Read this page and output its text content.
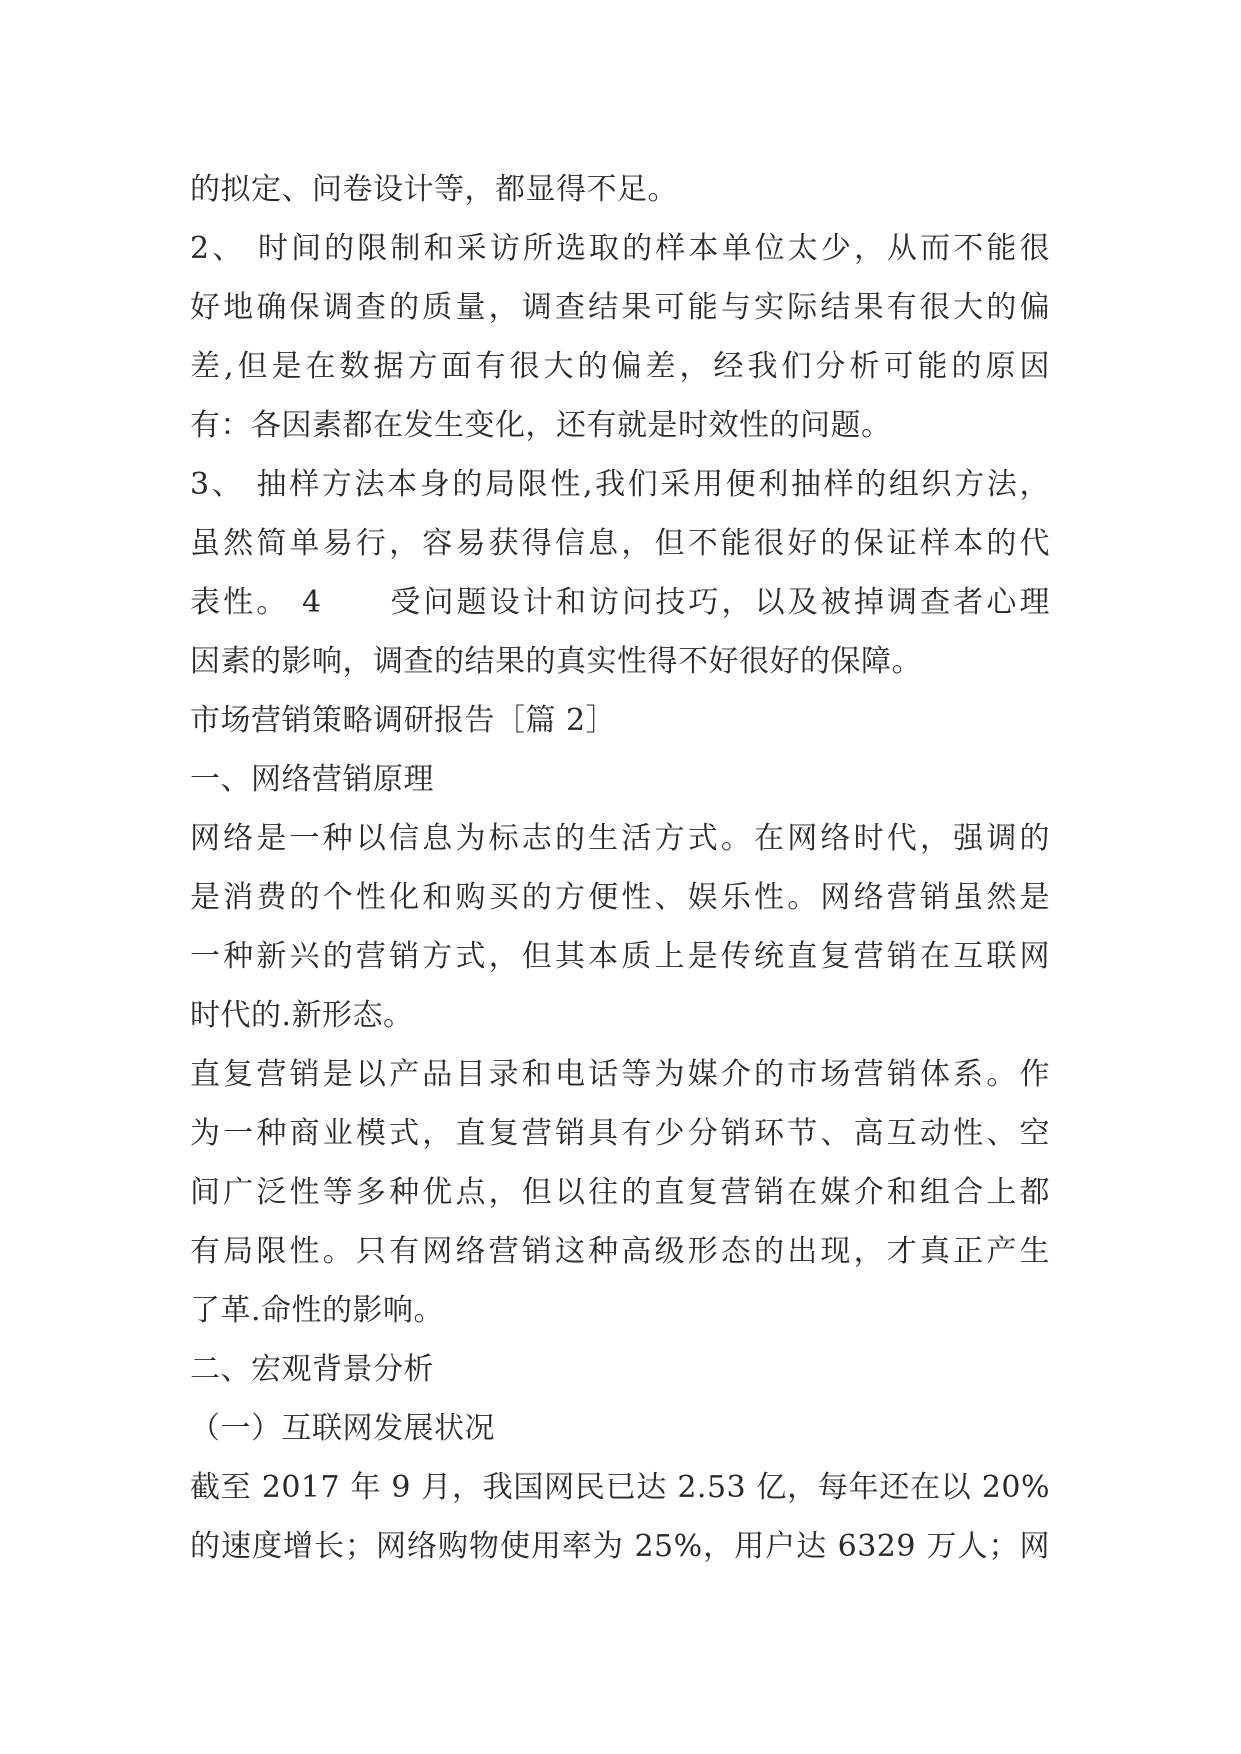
的拟定、问卷设计等，都显得不足。
2、 时间的限制和采访所选取的样本单位太少，从而不能很
好地确保调查的质量，调查结果可能与实际结果有很大的偏
差,但是在数据方面有很大的偏差，经我们分析可能的原因
有：各因素都在发生变化，还有就是时效性的问题。
3、 抽样方法本身的局限性,我们采用便利抽样的组织方法，
虽然简单易行，容易获得信息，但不能很好的保证样本的代
表性。 4　　受问题设计和访问技巧，以及被掉调查者心理
因素的影响，调查的结果的真实性得不好很好的保障。
市场营销策略调研报告［篇 2］
一、网络营销原理
网络是一种以信息为标志的生活方式。在网络时代，强调的
是消费的个性化和购买的方便性、娱乐性。网络营销虽然是
一种新兴的营销方式，但其本质上是传统直复营销在互联网
时代的.新形态。
直复营销是以产品目录和电话等为媒介的市场营销体系。作
为一种商业模式，直复营销具有少分销环节、高互动性、空
间广泛性等多种优点，但以往的直复营销在媒介和组合上都
有局限性。只有网络营销这种高级形态的出现，才真正产生
了革.命性的影响。
二、宏观背景分析
（一）互联网发展状况
截至 2017 年 9 月，我国网民已达 2.53 亿，每年还在以 20%
的速度增长；网络购物使用率为 25%，用户达 6329 万人；网
